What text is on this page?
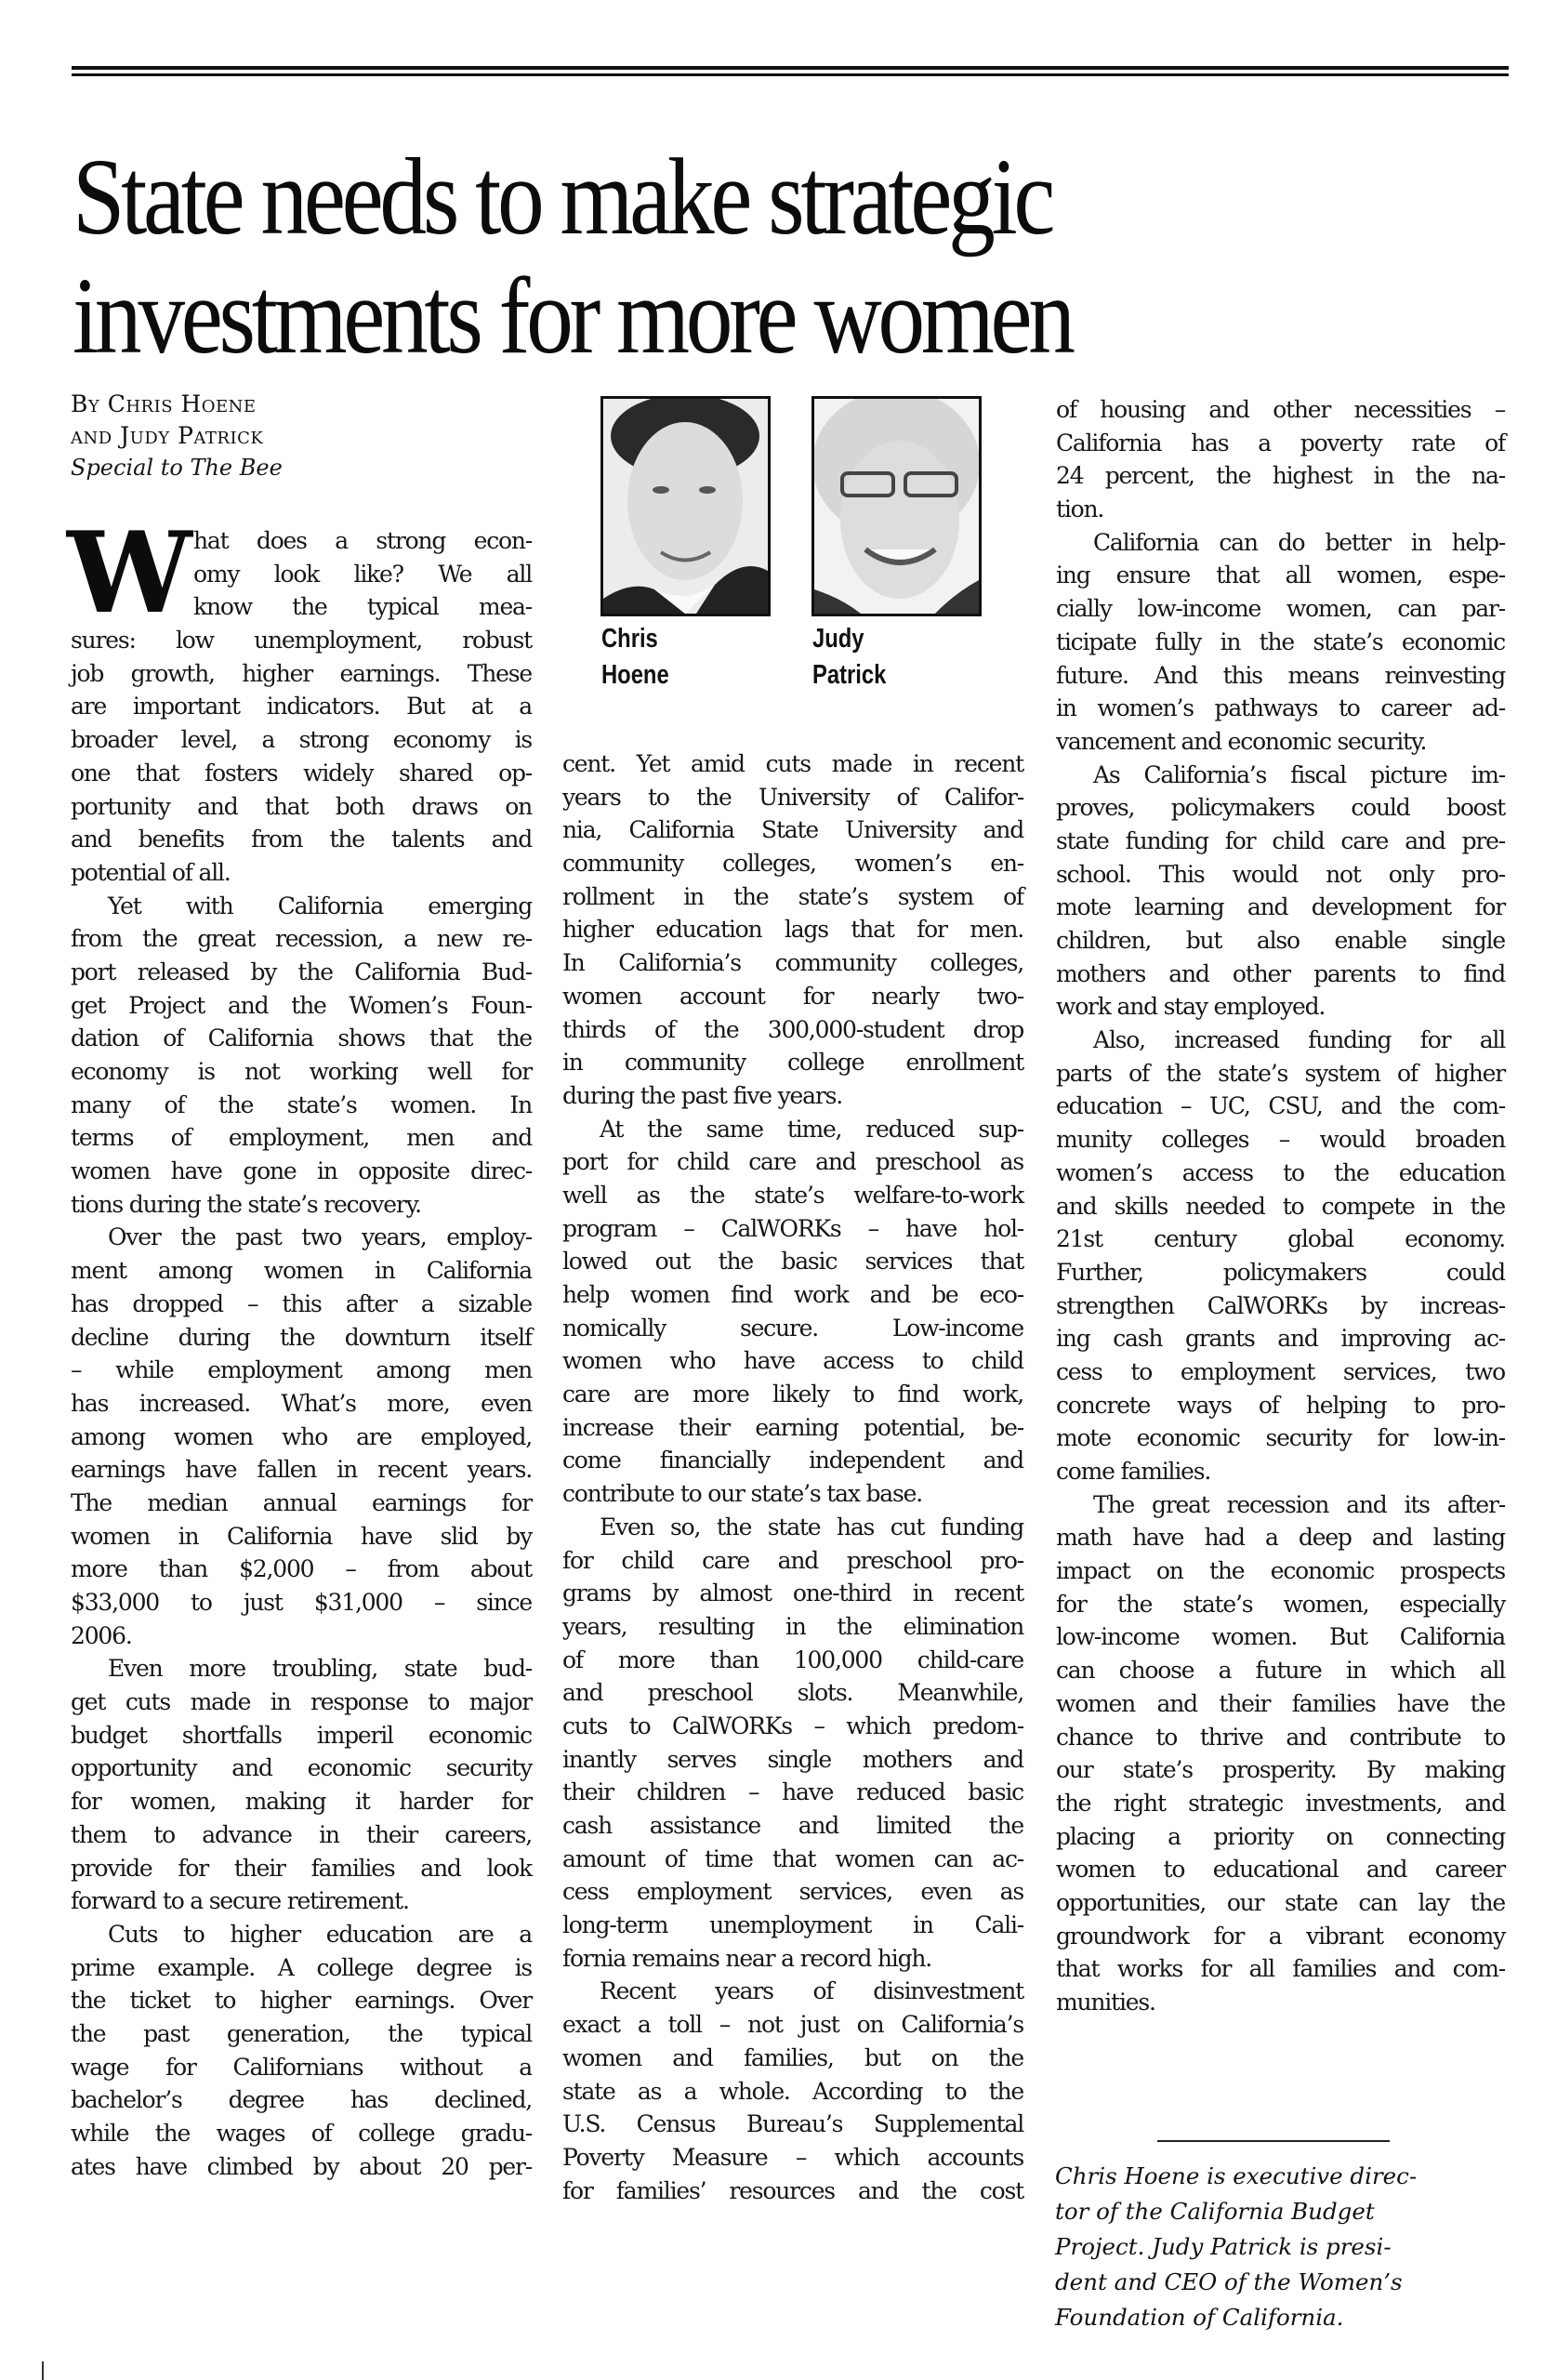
State needs to make strategic
investments for more women
By Chris Hoene
and Judy Patrick
Special to The Bee
W hat does a strong econ-
omy look like? We all
know the typical mea-
sures: low unemployment, robust
job growth, higher earnings. These
are important indicators. But at a
broader level, a strong economy is
one that fosters widely shared op-
portunity and that both draws on
and benefits from the talents and
potential of all.
Yet with California emerging
from the great recession, a new re-
port released by the California Bud-
get Project and the Women’s Foun-
dation of California shows that the
economy is not working well for
many of the state’s women. In
terms of employment, men and
women have gone in opposite direc-
tions during the state’s recovery.
Over the past two years, employ-
ment among women in California
has dropped – this after a sizable
decline during the downturn itself
– while employment among men
has increased. What’s more, even
among women who are employed,
earnings have fallen in recent years.
The median annual earnings for
women in California have slid by
more than $2,000 – from about
$33,000 to just $31,000 – since
2006.
Even more troubling, state bud-
get cuts made in response to major
budget shortfalls imperil economic
opportunity and economic security
for women, making it harder for
them to advance in their careers,
provide for their families and look
forward to a secure retirement.
Cuts to higher education are a
prime example. A college degree is
the ticket to higher earnings. Over
the past generation, the typical
wage for Californians without a
bachelor’s degree has declined,
while the wages of college gradu-
ates have climbed by about 20 per-
Chris
Hoene
Judy
Patrick
cent. Yet amid cuts made in recent
years to the University of Califor-
nia, California State University and
community colleges, women’s en-
rollment in the state’s system of
higher education lags that for men.
In California’s community colleges,
women account for nearly two-
thirds of the 300,000-student drop
in community college enrollment
during the past five years.
At the same time, reduced sup-
port for child care and preschool as
well as the state’s welfare-to-work
program – CalWORKs – have hol-
lowed out the basic services that
help women find work and be eco-
nomically secure. Low-income
women who have access to child
care are more likely to find work,
increase their earning potential, be-
come financially independent and
contribute to our state’s tax base.
Even so, the state has cut funding
for child care and preschool pro-
grams by almost one-third in recent
years, resulting in the elimination
of more than 100,000 child-care
and preschool slots. Meanwhile,
cuts to CalWORKs – which predom-
inantly serves single mothers and
their children – have reduced basic
cash assistance and limited the
amount of time that women can ac-
cess employment services, even as
long-term unemployment in Cali-
fornia remains near a record high.
Recent years of disinvestment
exact a toll – not just on California’s
women and families, but on the
state as a whole. According to the
U.S. Census Bureau’s Supplemental
Poverty Measure – which accounts
for families’ resources and the cost
of housing and other necessities –
California has a poverty rate of
24 percent, the highest in the na-
tion.
California can do better in help-
ing ensure that all women, espe-
cially low-income women, can par-
ticipate fully in the state’s economic
future. And this means reinvesting
in women’s pathways to career ad-
vancement and economic security.
As California’s fiscal picture im-
proves, policymakers could boost
state funding for child care and pre-
school. This would not only pro-
mote learning and development for
children, but also enable single
mothers and other parents to find
work and stay employed.
Also, increased funding for all
parts of the state’s system of higher
education – UC, CSU, and the com-
munity colleges – would broaden
women’s access to the education
and skills needed to compete in the
21st century global economy.
Further, policymakers could
strengthen CalWORKs by increas-
ing cash grants and improving ac-
cess to employment services, two
concrete ways of helping to pro-
mote economic security for low-in-
come families.
The great recession and its after-
math have had a deep and lasting
impact on the economic prospects
for the state’s women, especially
low-income women. But California
can choose a future in which all
women and their families have the
chance to thrive and contribute to
our state’s prosperity. By making
the right strategic investments, and
placing a priority on connecting
women to educational and career
opportunities, our state can lay the
groundwork for a vibrant economy
that works for all families and com-
munities.
Chris Hoene is executive direc-
tor of the California Budget
Project. Judy Patrick is presi-
dent and CEO of the Women’s
Foundation of California.
